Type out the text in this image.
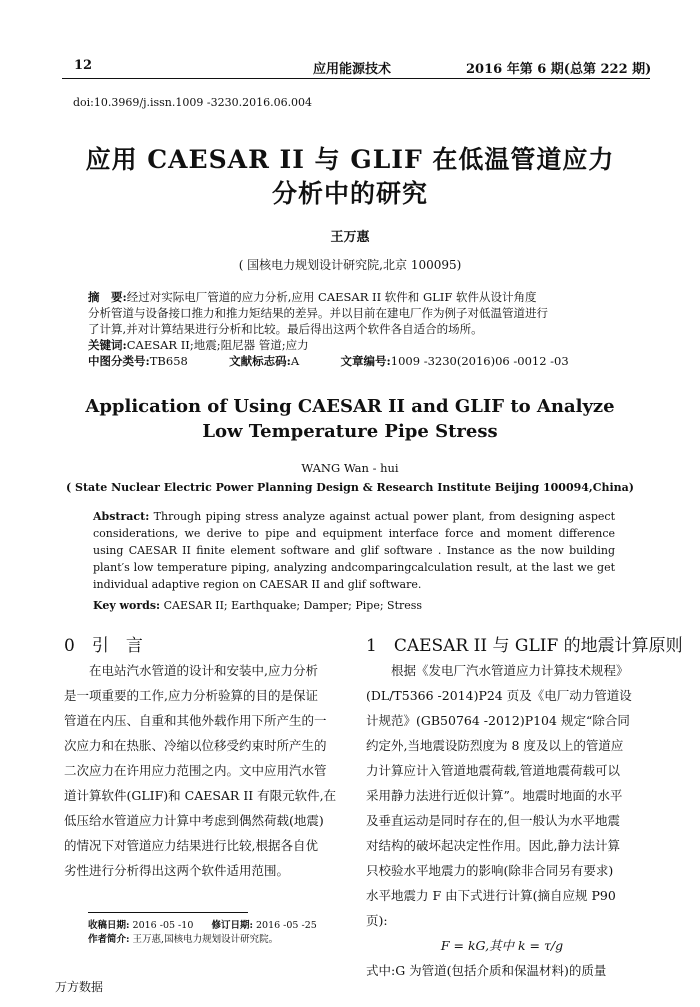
12	应用能源技术	2016 年第 6 期(总第 222 期)
doi:10.3969/j.issn.1009 -3230.2016.06.004
应用 CAESAR II 与 GLIF 在低温管道应力
分析中的研究
王万惠
( 国核电力规划设计研究院,北京 100095)
摘　要:经过对实际电厂管道的应力分析,应用 CAESAR II 软件和 GLIF 软件从设计角度
分析管道与设备接口推力和推力矩结果的差异。并以目前在建电厂作为例子对低温管道进行
了计算,并对计算结果进行分析和比较。最后得出这两个软件各自适合的场所。
关键词:CAESAR II;地震;阻尼器 管道;应力
中图分类号:TB658	文献标志码:A	文章编号:1009 -3230(2016)06 -0012 -03
Application of Using CAESAR II and GLIF to Analyze
Low Temperature Pipe Stress
WANG Wan - hui
( State Nuclear Electric Power Planning Design & Research Institute Beijing 100094,China)
Abstract: Through piping stress analyze against actual power plant, from designing aspect considerations, we derive to pipe and equipment interface force and moment difference using CAESAR II finite element software and glif software . Instance as the now building plant′s low temperature piping, analyzing andcomparingcalculation result, at the last we get individual adaptive region on CAESAR II and glif software.
Key words: CAESAR II; Earthquake; Damper; Pipe; Stress
0　引　言

在电站汽水管道的设计和安装中,应力分析

是一项重要的工作,应力分析验算的目的是保证

管道在内压、自重和其他外载作用下所产生的一

次应力和在热胀、冷缩以位移受约束时所产生的

二次应力在许用应力范围之内。文中应用汽水管

道计算软件(GLIF)和 CAESAR II 有限元软件,在

低压给水管道应力计算中考虑到偶然荷载(地震)

的情况下对管道应力结果进行比较,根据各自优

劣性进行分析得出这两个软件适用范围。

1　CAESAR II 与 GLIF 的地震计算原则

根据《发电厂汽水管道应力计算技术规程》

(DL/T5366 -2014)P24 页及《电厂动力管道设

计规范》(GB50764 -2012)P104 规定“除合同

约定外,当地震设防烈度为 8 度及以上的管道应

力计算应计入管道地震荷载,管道地震荷载可以

采用静力法进行近似计算”。地震时地面的水平

及垂直运动是同时存在的,但一般认为水平地震

对结构的破坏起决定性作用。因此,静力法计算

只校验水平地震力的影响(除非合同另有要求)

水平地震力 F 由下式进行计算(摘自应规 P90

页):

F = kG,其中 k = τ/g

式中:G 为管道(包括介质和保温材料)的质量

收稿日期: 2016 -05 -10 修订日期: 2016 -05 -25
作者简介: 王万惠,国核电力规划设计研究院。
万方数据
